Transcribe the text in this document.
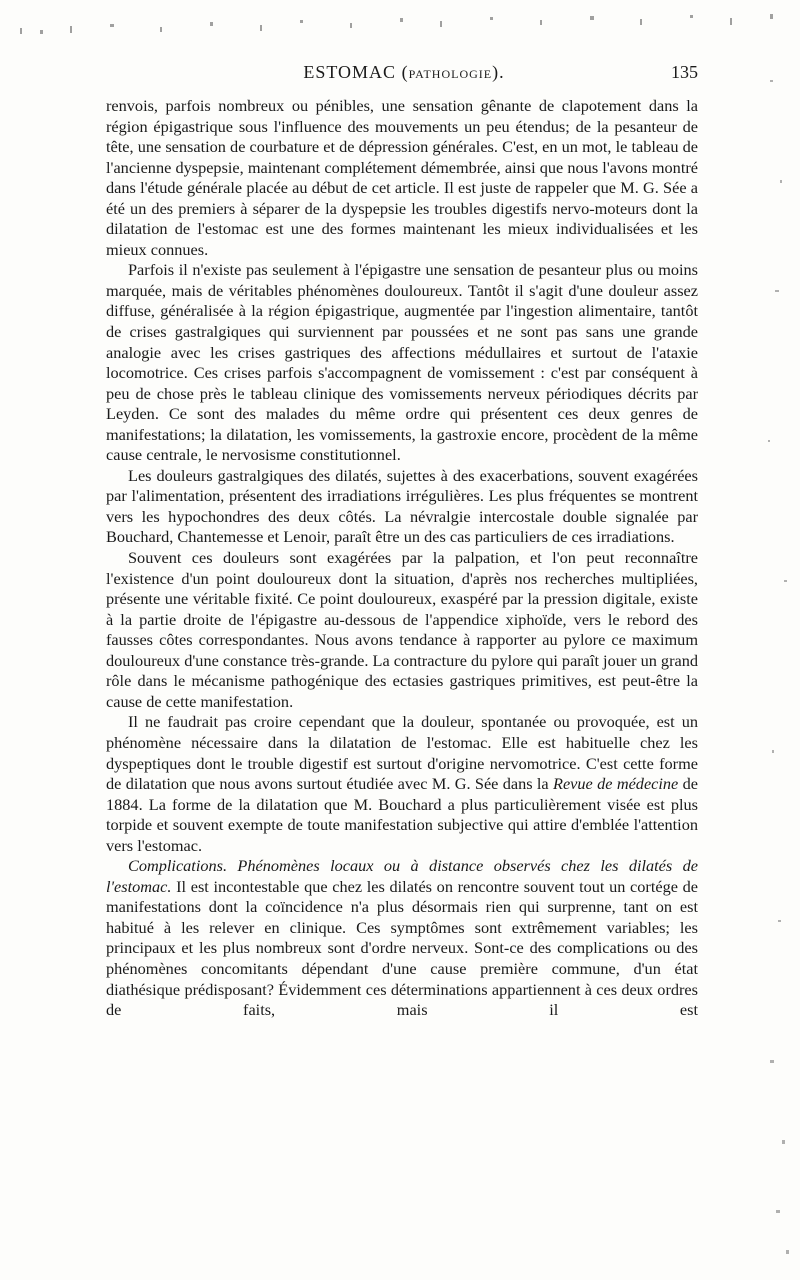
ESTOMAC (PATHOLOGIE).	135

renvois, parfois nombreux ou pénibles, une sensation gênante de clapotement dans la région épigastrique sous l'influence des mouvements un peu étendus; de la pesanteur de tête, une sensation de courbature et de dépression générales. C'est, en un mot, le tableau de l'ancienne dyspepsie, maintenant complétement démembrée, ainsi que nous l'avons montré dans l'étude générale placée au début de cet article. Il est juste de rappeler que M. G. Sée a été un des premiers à séparer de la dyspepsie les troubles digestifs nervo-moteurs dont la dilatation de l'estomac est une des formes maintenant les mieux individualisées et les mieux connues.

Parfois il n'existe pas seulement à l'épigastre une sensation de pesanteur plus ou moins marquée, mais de véritables phénomènes douloureux. Tantôt il s'agit d'une douleur assez diffuse, généralisée à la région épigastrique, augmentée par l'ingestion alimentaire, tantôt de crises gastralgiques qui surviennent par poussées et ne sont pas sans une grande analogie avec les crises gastriques des affections médullaires et surtout de l'ataxie locomotrice. Ces crises parfois s'accompagnent de vomissement : c'est par conséquent à peu de chose près le tableau clinique des vomissements nerveux périodiques décrits par Leyden. Ce sont des malades du même ordre qui présentent ces deux genres de manifestations; la dilatation, les vomissements, la gastroxie encore, procèdent de la même cause centrale, le nervosisme constitutionnel.

Les douleurs gastralgiques des dilatés, sujettes à des exacerbations, souvent exagérées par l'alimentation, présentent des irradiations irrégulières. Les plus fréquentes se montrent vers les hypochondres des deux côtés. La névralgie intercostale double signalée par Bouchard, Chantemesse et Lenoir, paraît être un des cas particuliers de ces irradiations.

Souvent ces douleurs sont exagérées par la palpation, et l'on peut reconnaître l'existence d'un point douloureux dont la situation, d'après nos recherches multipliées, présente une véritable fixité. Ce point douloureux, exaspéré par la pression digitale, existe à la partie droite de l'épigastre au-dessous de l'appendice xiphoïde, vers le rebord des fausses côtes correspondantes. Nous avons tendance à rapporter au pylore ce maximum douloureux d'une constance très-grande. La contracture du pylore qui paraît jouer un grand rôle dans le mécanisme pathogénique des ectasies gastriques primitives, est peut-être la cause de cette manifestation.

Il ne faudrait pas croire cependant que la douleur, spontanée ou provoquée, est un phénomène nécessaire dans la dilatation de l'estomac. Elle est habituelle chez les dyspeptiques dont le trouble digestif est surtout d'origine nervomotrice. C'est cette forme de dilatation que nous avons surtout étudiée avec M. G. Sée dans la Revue de médecine de 1884. La forme de la dilatation que M. Bouchard a plus particulièrement visée est plus torpide et souvent exempte de toute manifestation subjective qui attire d'emblée l'attention vers l'estomac.

Complications. Phénomènes locaux ou à distance observés chez les dilatés de l'estomac. Il est incontestable que chez les dilatés on rencontre souvent tout un cortége de manifestations dont la coïncidence n'a plus désormais rien qui surprenne, tant on est habitué à les relever en clinique. Ces symptômes sont extrêmement variables; les principaux et les plus nombreux sont d'ordre nerveux. Sont-ce des complications ou des phénomènes concomitants dépendant d'une cause première commune, d'un état diathésique prédisposant? Évidemment ces déterminations appartiennent à ces deux ordres de faits, mais il est
